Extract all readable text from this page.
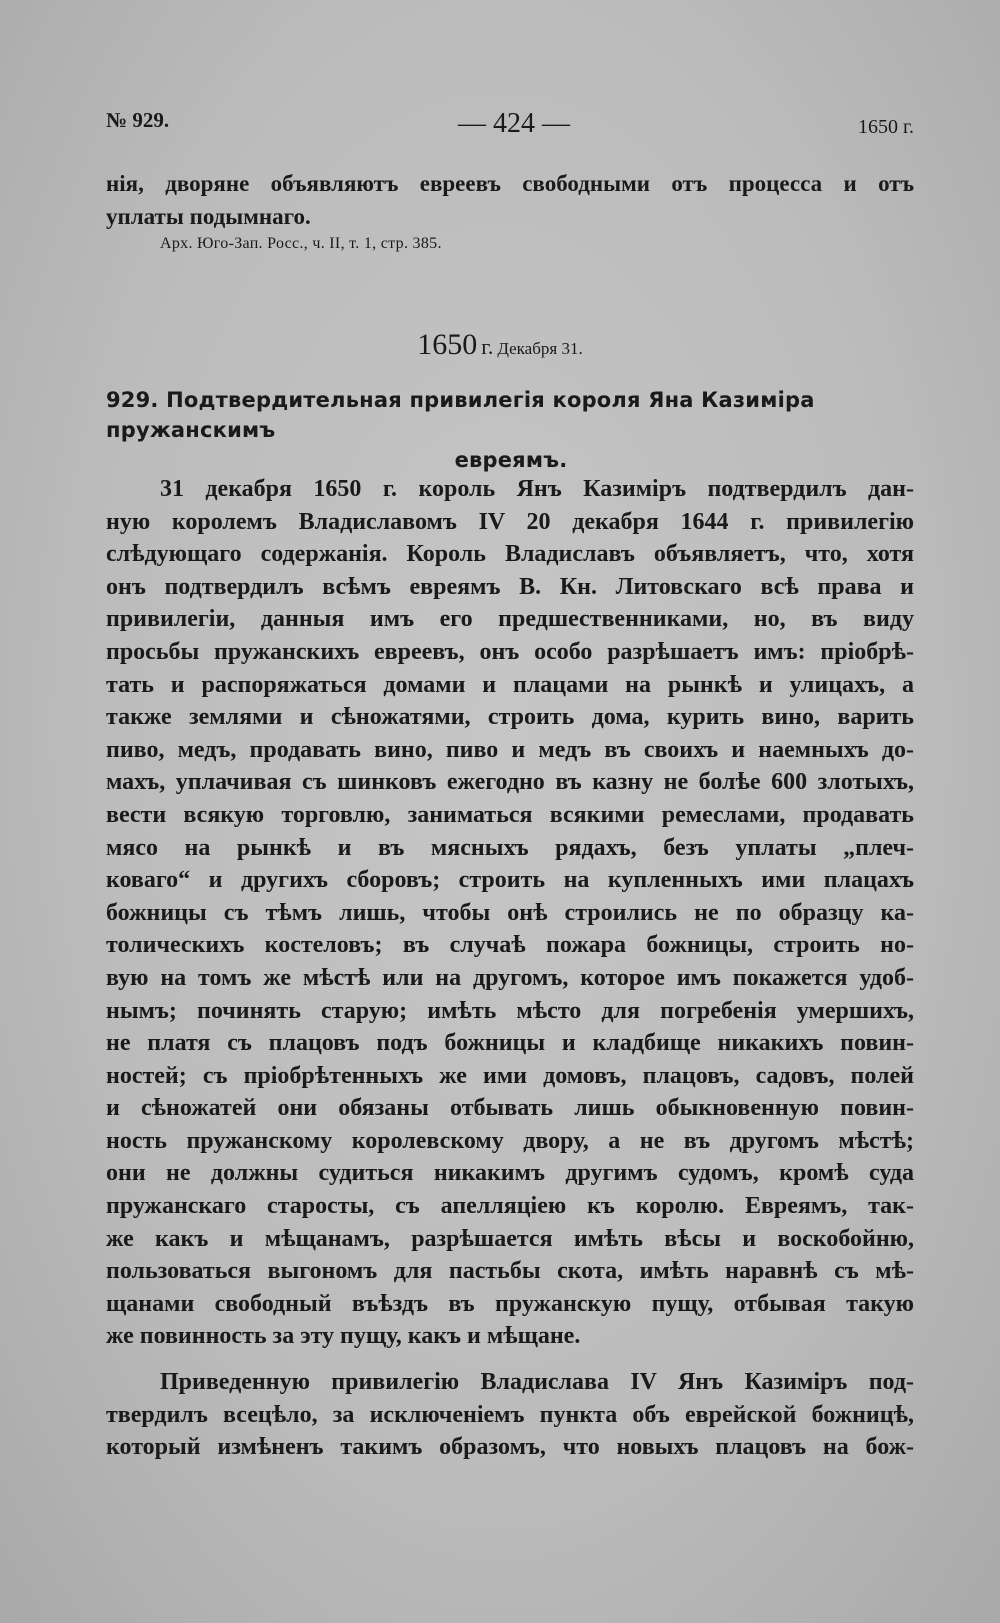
№ 929.	— 424 —	1650 г.
нія, дворяне объявляютъ евреевъ свободными отъ процесса и отъ
уплаты подымнаго.
Арх. Юго-Зап. Росс., ч. II, т. 1, стр. 385.
1650 г. Декабря 31.
929. Подтвердительная привилегія короля Яна Казиміра пружанскимъ
евреямъ.
31 декабря 1650 г. король Янъ Казиміръ подтвердилъ дан-
ную королемъ Владиславомъ IV 20 декабря 1644 г. привилегію
слѣдующаго содержанія. Король Владиславъ объявляетъ, что, хотя
онъ подтвердилъ всѣмъ евреямъ В. Кн. Литовскаго всѣ права и
привилегіи, данныя имъ его предшественниками, но, въ виду
просьбы пружанскихъ евреевъ, онъ особо разрѣшаетъ имъ: пріобрѣ-
тать и распоряжаться домами и плацами на рынкѣ и улицахъ, а
также землями и сѣножатями, строить дома, курить вино, варить
пиво, медъ, продавать вино, пиво и медъ въ своихъ и наемныхъ до-
махъ, уплачивая съ шинковъ ежегодно въ казну не болѣе 600 злотыхъ,
вести всякую торговлю, заниматься всякими ремеслами, продавать
мясо на рынкѣ и въ мясныхъ рядахъ, безъ уплаты „плеч-
коваго“ и другихъ сборовъ; строить на купленныхъ ими плацахъ
божницы съ тѣмъ лишь, чтобы онѣ строились не по образцу ка-
толическихъ костеловъ; въ случаѣ пожара божницы, строить но-
вую на томъ же мѣстѣ или на другомъ, которое имъ покажется удоб-
нымъ; починять старую; имѣть мѣсто для погребенія умершихъ,
не платя съ плацовъ подъ божницы и кладбище никакихъ повин-
ностей; съ пріобрѣтенныхъ же ими домовъ, плацовъ, садовъ, полей
и сѣножатей они обязаны отбывать лишь обыкновенную повин-
ность пружанскому королевскому двору, а не въ другомъ мѣстѣ;
они не должны судиться никакимъ другимъ судомъ, кромѣ суда
пружанскаго старосты, съ апелляціею къ королю. Евреямъ, так-
же какъ и мѣщанамъ, разрѣшается имѣть вѣсы и воскобойню,
пользоваться выгономъ для пастьбы скота, имѣть наравнѣ съ мѣ-
щанами свободный въѣздъ въ пружанскую пущу, отбывая такую
же повинность за эту пущу, какъ и мѣщане.
Приведенную привилегію Владислава IV Янъ Казиміръ под-
твердилъ всецѣло, за исключеніемъ пункта объ еврейской божницѣ,
который измѣненъ такимъ образомъ, что новыхъ плацовъ на бож-
